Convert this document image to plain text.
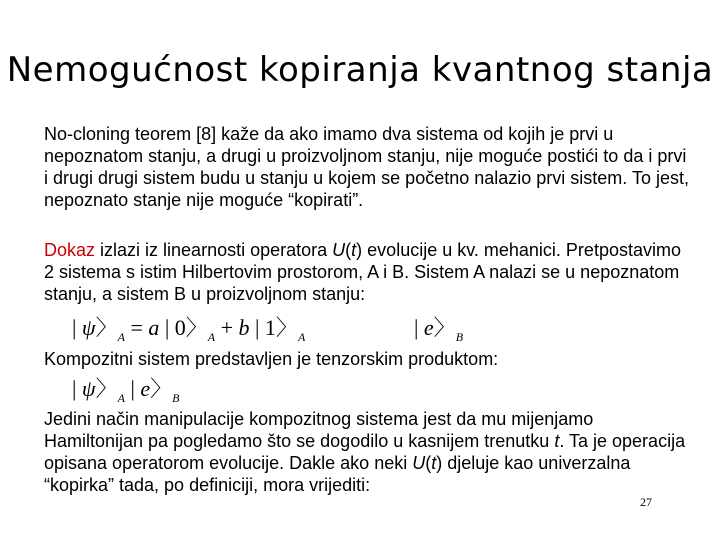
Nemogućnost kopiranja kvantnog stanja
No-cloning teorem [8] kaže da ako imamo dva sistema od kojih je prvi u nepoznatom stanju, a drugi u proizvoljnom stanju, nije moguće postići to da i prvi i drugi drugi sistem budu u stanju u kojem se početno nalazio prvi sistem. To jest, nepoznato stanje nije moguće “kopirati”.
Dokaz izlazi iz linearnosti operatora U(t) evolucije u kv. mehanici. Pretpostavimo 2 sistema s istim Hilbertovim prostorom, A i B. Sistem A nalazi se u nepoznatom stanju, a sistem B u proizvoljnom stanju:
| ψ〉$_A$ = a | 0〉$_A$ + b | 1〉$_A$	| e〉$_B$
Kompozitni sistem predstavljen je tenzorskim produktom:
| ψ〉$_A$ | e〉$_B$
Jedini način manipulacije kompozitnog sistema jest da mu mijenjamo Hamiltonijan pa pogledamo što se dogodilo u kasnijem trenutku t. Ta je operacija opisana operatorom evolucije. Dakle ako neki U(t) djeluje kao univerzalna “kopirka” tada, po definiciji, mora vrijediti:
27
